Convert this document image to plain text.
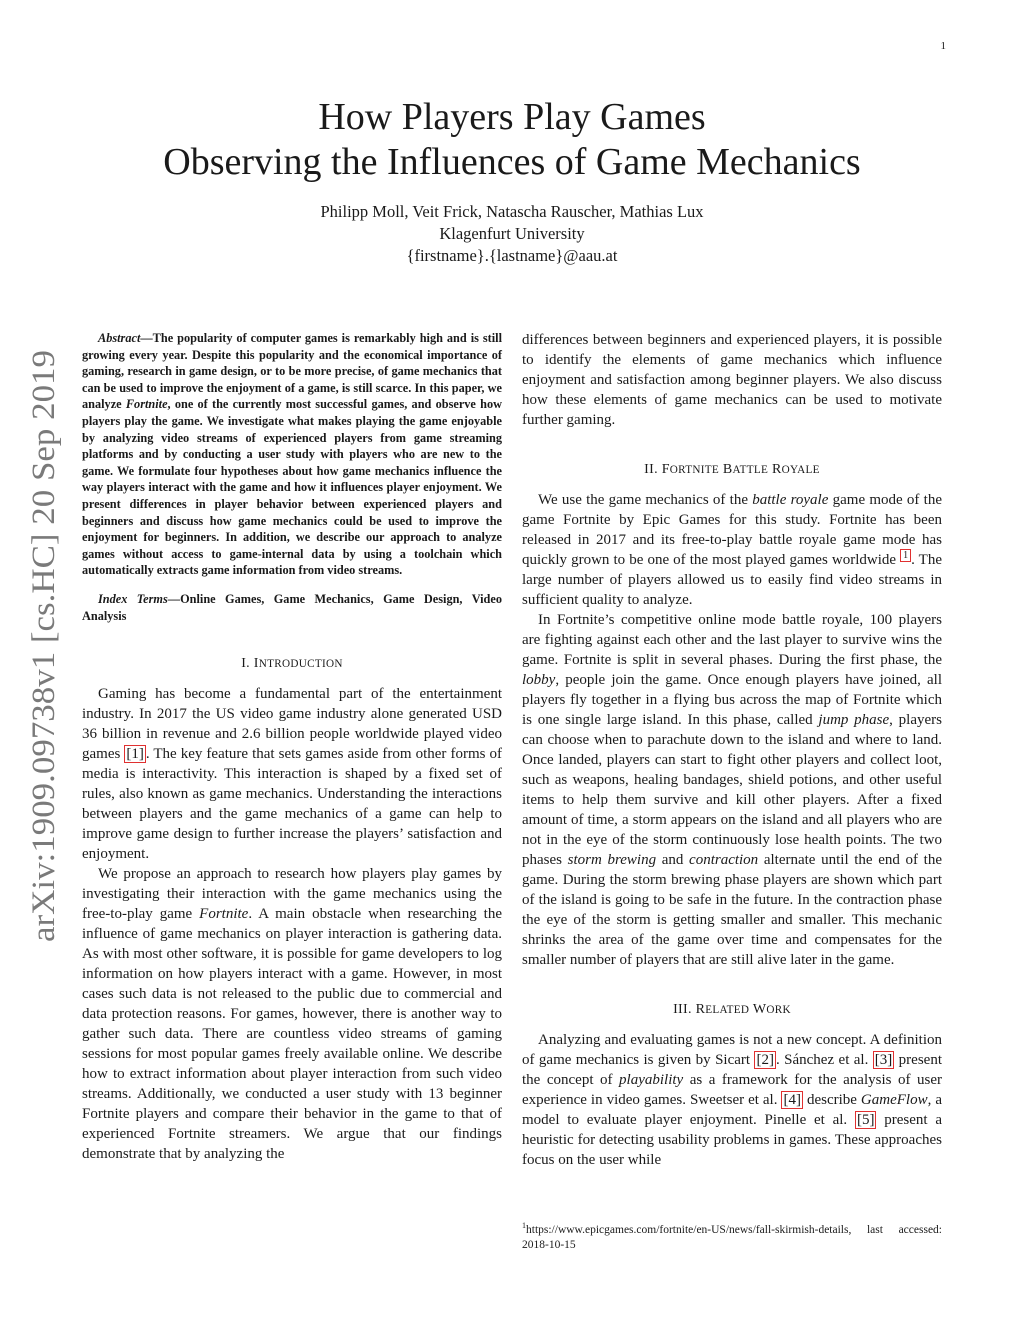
1
arXiv:1909.09738v1 [cs.HC] 20 Sep 2019
How Players Play Games
Observing the Influences of Game Mechanics
Philipp Moll, Veit Frick, Natascha Rauscher, Mathias Lux
Klagenfurt University
{firstname}.{lastname}@aau.at

Abstract—The popularity of computer games is remarkably high and is still growing every year. Despite this popularity and the economical importance of gaming, research in game design, or to be more precise, of game mechanics that can be used to improve the enjoyment of a game, is still scarce. In this paper, we analyze Fortnite, one of the currently most successful games, and observe how players play the game. We investigate what makes playing the game enjoyable by analyzing video streams of experienced players from game streaming platforms and by conducting a user study with players who are new to the game. We formulate four hypotheses about how game mechanics influence the way players interact with the game and how it influences player enjoyment. We present differences in player behavior between experienced players and beginners and discuss how game mechanics could be used to improve the enjoyment for beginners. In addition, we describe our approach to analyze games without access to game-internal data by using a toolchain which automatically extracts game information from video streams.

Index Terms—Online Games, Game Mechanics, Game Design, Video Analysis

I. INTRODUCTION

Gaming has become a fundamental part of the entertainment industry. In 2017 the US video game industry alone generated USD 36 billion in revenue and 2.6 billion people worldwide played video games [1] . The key feature that sets games aside from other forms of media is interactivity. This interaction is shaped by a fixed set of rules, also known as game mechanics. Understanding the interactions between players and the game mechanics of a game can help to improve game design to further increase the players’ satisfaction and enjoyment.

We propose an approach to research how players play games by investigating their interaction with the game mechanics using the free-to-play game Fortnite. A main obstacle when researching the influence of game mechanics on player interaction is gathering data. As with most other software, it is possible for game developers to log information on how players interact with a game. However, in most cases such data is not released to the public due to commercial and data protection reasons. For games, however, there is another way to gather such data. There are countless video streams of gaming sessions for most popular games freely available online. We describe how to extract information about player interaction from such video streams. Additionally, we conducted a user study with 13 beginner Fortnite players and compare their behavior in the game to that of experienced Fortnite streamers. We argue that our findings demonstrate that by analyzing the

differences between beginners and experienced players, it is possible to identify the elements of game mechanics which influence enjoyment and satisfaction among beginner players. We also discuss how these elements of game mechanics can be used to motivate further gaming.

II. FORTNITE BATTLE ROYALE

We use the game mechanics of the battle royale game mode of the game Fortnite by Epic Games for this study. Fortnite has been released in 2017 and its free-to-play battle royale game mode has quickly grown to be one of the most played games worldwide $^1$ . The large number of players allowed us to easily find video streams in sufficient quality to analyze.

In Fortnite’s competitive online mode battle royale, 100 players are fighting against each other and the last player to survive wins the game. Fortnite is split in several phases. During the first phase, the lobby, people join the game. Once enough players have joined, all players fly together in a flying bus across the map of Fortnite which is one single large island. In this phase, called jump phase, players can choose when to parachute down to the island and where to land. Once landed, players can start to fight other players and collect loot, such as weapons, healing bandages, shield potions, and other useful items to help them survive and kill other players. After a fixed amount of time, a storm appears on the island and all players who are not in the eye of the storm continuously lose health points. The two phases storm brewing and contraction alternate until the end of the game. During the storm brewing phase players are shown which part of the island is going to be safe in the future. In the contraction phase the eye of the storm is getting smaller and smaller. This mechanic shrinks the area of the game over time and compensates for the smaller number of players that are still alive later in the game.

III. RELATED WORK

Analyzing and evaluating games is not a new concept. A definition of game mechanics is given by Sicart [2] . Sánchez et al. [3] present the concept of playability as a framework for the analysis of user experience in video games. Sweetser et al. [4] describe GameFlow, a model to evaluate player enjoyment. Pinelle et al. [5] present a heuristic for detecting usability problems in games. These approaches focus on the user while

$^1$https://www.epicgames.com/fortnite/en-US/news/fall-skirmish-details, last accessed: 2018-10-15
